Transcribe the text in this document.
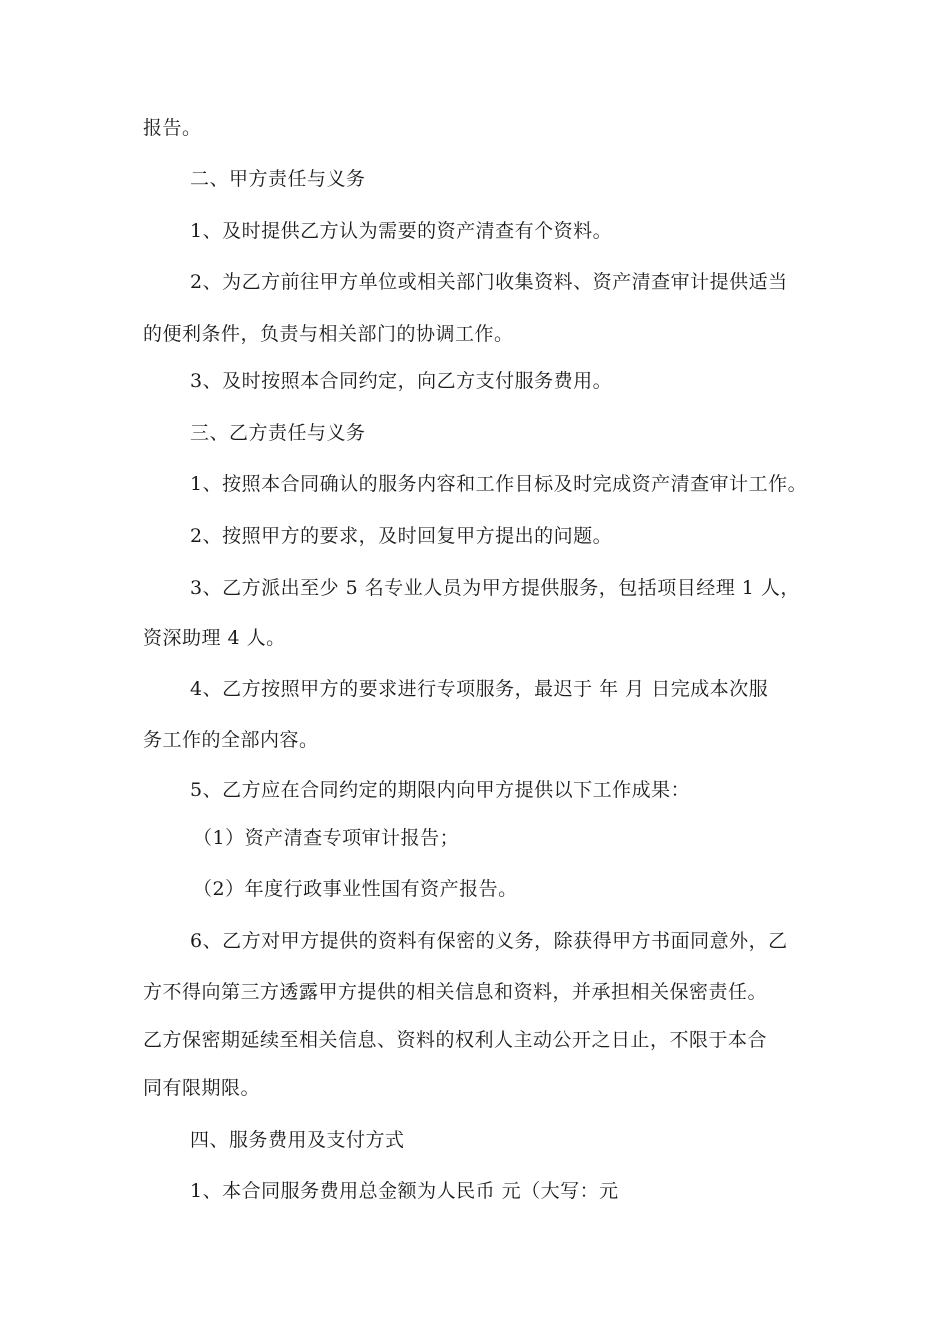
报告。
二、甲方责任与义务
1、及时提供乙方认为需要的资产清查有个资料。
2、为乙方前往甲方单位或相关部门收集资料、资产清查审计提供适当
的便利条件，负责与相关部门的协调工作。
3、及时按照本合同约定，向乙方支付服务费用。
三、乙方责任与义务
1、按照本合同确认的服务内容和工作目标及时完成资产清查审计工作。
2、按照甲方的要求，及时回复甲方提出的问题。
3、乙方派出至少 5 名专业人员为甲方提供服务，包括项目经理 1 人，
资深助理 4 人。
4、乙方按照甲方的要求进行专项服务，最迟于 年 月 日完成本次服
务工作的全部内容。
5、乙方应在合同约定的期限内向甲方提供以下工作成果：
（1）资产清查专项审计报告；
（2）年度行政事业性国有资产报告。
6、乙方对甲方提供的资料有保密的义务，除获得甲方书面同意外，乙
方不得向第三方透露甲方提供的相关信息和资料，并承担相关保密责任。
乙方保密期延续至相关信息、资料的权利人主动公开之日止，不限于本合
同有限期限。
四、服务费用及支付方式
1、本合同服务费用总金额为人民币 元（大写：元
